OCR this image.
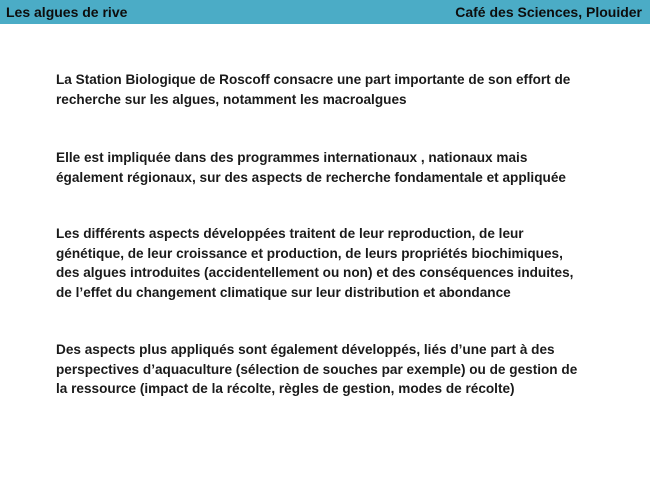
Les algues de rive	Café des Sciences, Plouider

La Station Biologique de Roscoff consacre une part importante de son effort de
recherche sur les algues, notamment les macroalgues

Elle est impliquée dans des programmes internationaux , nationaux mais
également régionaux, sur des aspects de recherche fondamentale et appliquée

Les différents aspects développées traitent de leur reproduction, de leur
génétique, de leur croissance et production, de leurs propriétés biochimiques,
des algues introduites (accidentellement ou non) et des conséquences induites,
de l’effet du changement climatique sur leur distribution et abondance

Des aspects plus appliqués sont également développés, liés d’une part à des
perspectives d’aquaculture (sélection de souches par exemple) ou de gestion de
la ressource (impact de la récolte, règles de gestion, modes de récolte)
